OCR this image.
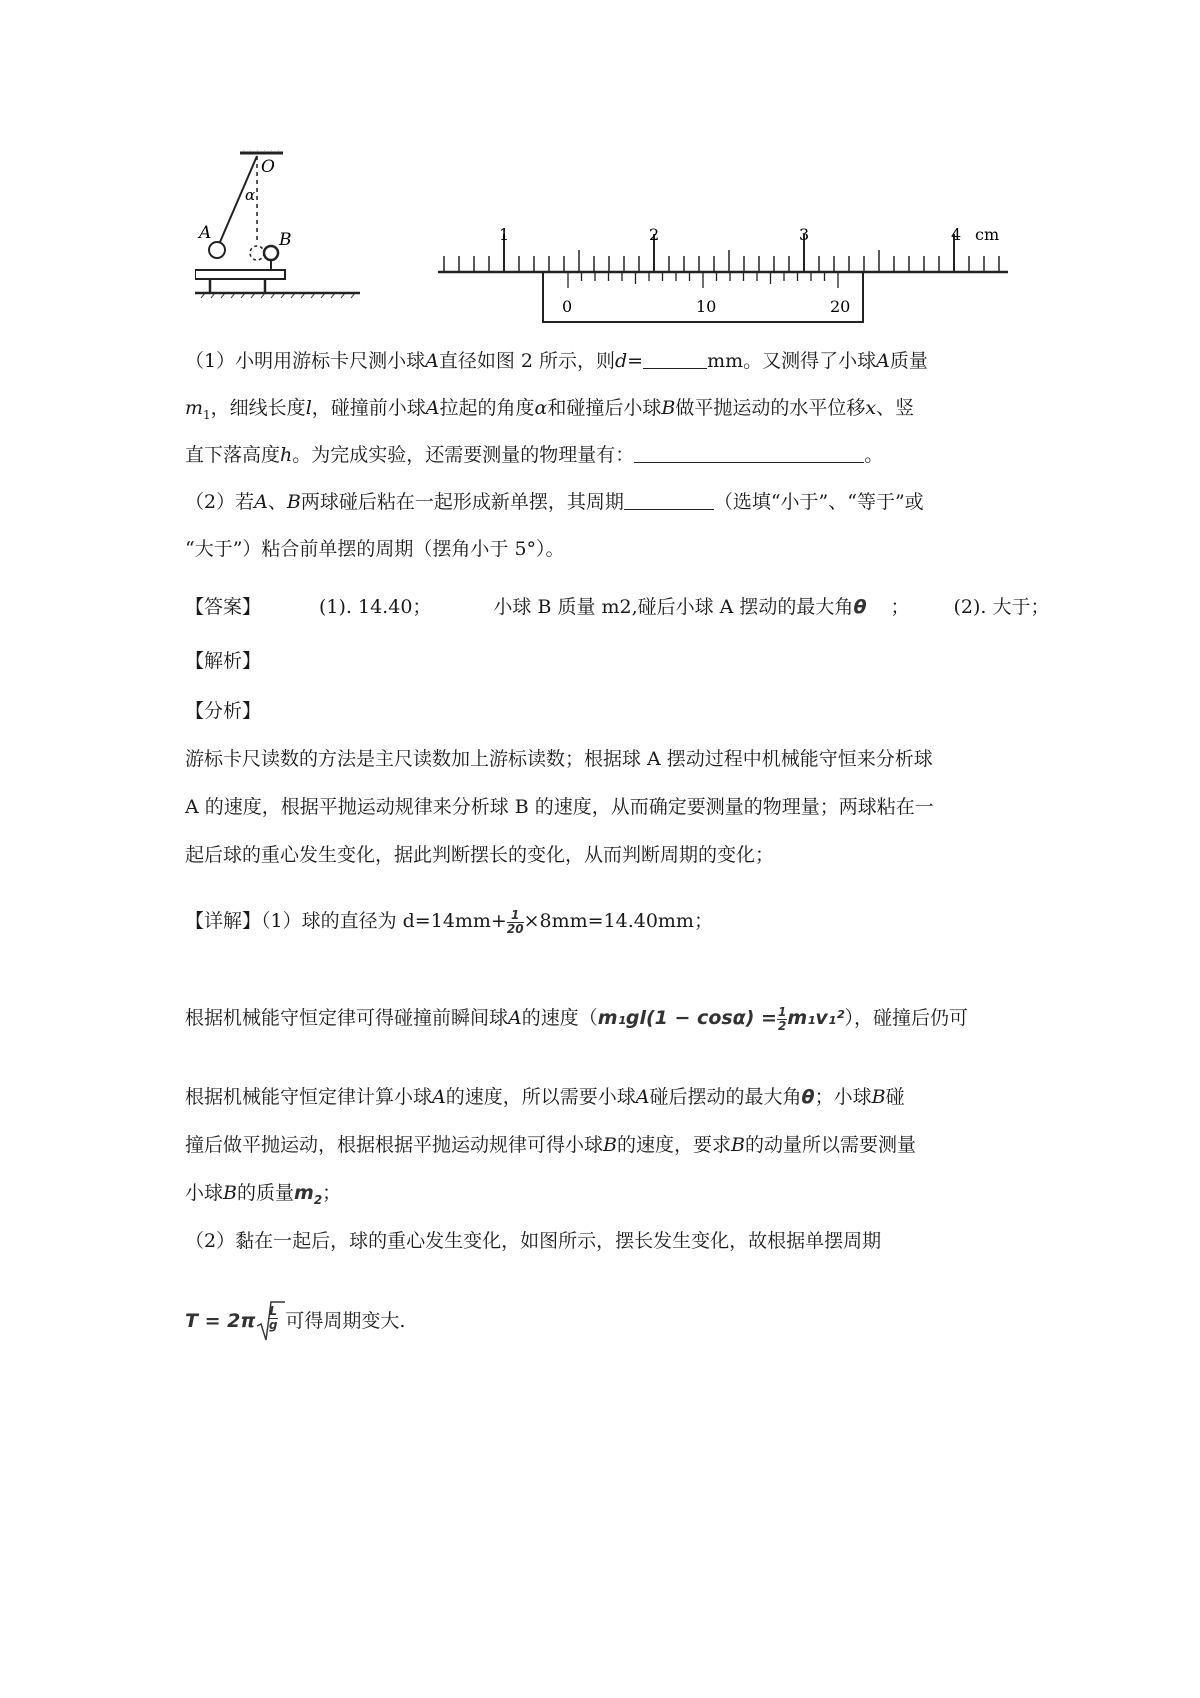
O
α
A	B	1	2	3	4 cm
0	10	20
（1）小明用游标卡尺测小球A直径如图 2 所示，则d=	mm。又测得了小球A质量
$m_1$，细线长度l，碰撞前小球A拉起的角度α和碰撞后小球B做平抛运动的水平位移x、竖
直下落高度h。为完成实验，还需要测量的物理量有：	。
（2）若A、B两球碰后粘在一起形成新单摆，其周期	（选填“小于”、“等于”或
“大于”）粘合前单摆的周期（摆角小于 5°）。
【答案】	(1). 14.40；	小球 B 质量 m2,碰后小球 A 摆动的最大角θ ； (2). 大于；
【解析】
【分析】
游标卡尺读数的方法是主尺读数加上游标读数；根据球 A 摆动过程中机械能守恒来分析球
A 的速度，根据平抛运动规律来分析球 B 的速度，从而确定要测量的物理量；两球粘在一
起后球的重心发生变化，据此判断摆长的变化，从而判断周期的变化；
【详解】（1）球的直径为 $d=14mm+ \frac{1}{20} \times 8mm=14.40mm$；
根据机械能守恒定律可得碰撞前瞬间球A的速度$(m_1gl(1 - \cos\alpha) = \frac{1}{2} m_1v_1^2)$，碰撞后仍可
根据机械能守恒定律计算小球A的速度，所以需要小球A碰后摆动的最大角θ；小球B碰
撞后做平抛运动，根据根据平抛运动规律可得小球B的速度，要求B的动量所以需要测量
小球B的质量$m_2$；
（2）黏在一起后，球的重心发生变化，如图所示，摆长发生变化，故根据单摆周期
$T = 2\pi \frac{L}{g}$ 可得周期变大.
